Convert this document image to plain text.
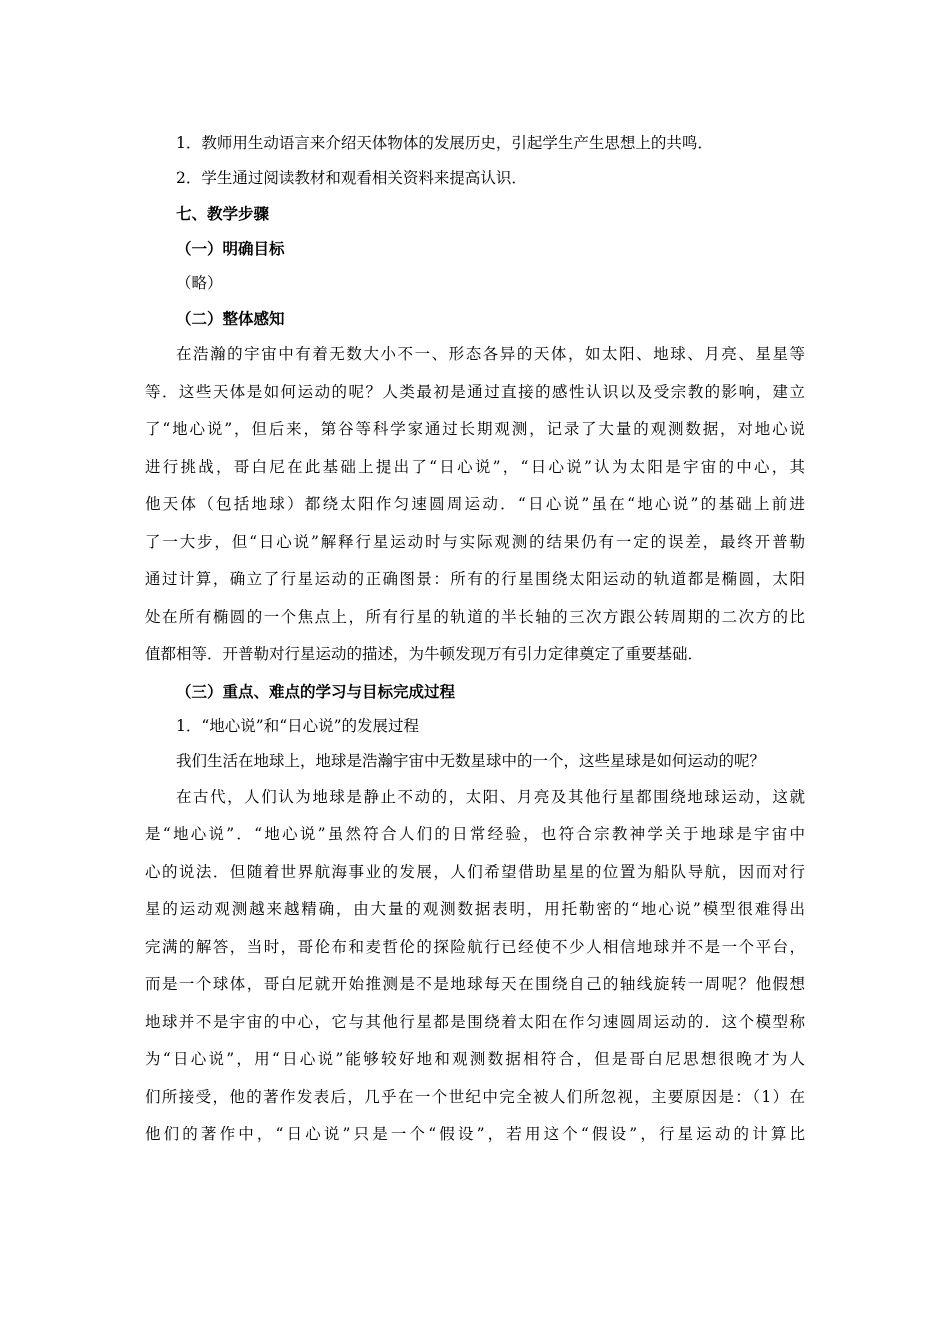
1．教师用生动语言来介绍天体物体的发展历史，引起学生产生思想上的共鸣．
2．学生通过阅读教材和观看相关资料来提高认识．
七、教学步骤
（一）明确目标
（略）
（二）整体感知
在浩瀚的宇宙中有着无数大小不一、形态各异的天体，如太阳、地球、月亮、星星等
等．这些天体是如何运动的呢？人类最初是通过直接的感性认识以及受宗教的影响，建立
了“地心说”，但后来，第谷等科学家通过长期观测，记录了大量的观测数据，对地心说
进行挑战，哥白尼在此基础上提出了“日心说”，“日心说”认为太阳是宇宙的中心，其
他天体（包括地球）都绕太阳作匀速圆周运动．“日心说”虽在“地心说”的基础上前进
了一大步，但“日心说”解释行星运动时与实际观测的结果仍有一定的误差，最终开普勒
通过计算，确立了行星运动的正确图景：所有的行星围绕太阳运动的轨道都是椭圆，太阳
处在所有椭圆的一个焦点上，所有行星的轨道的半长轴的三次方跟公转周期的二次方的比
值都相等．开普勒对行星运动的描述，为牛顿发现万有引力定律奠定了重要基础．
（三）重点、难点的学习与目标完成过程
1．“地心说”和“日心说”的发展过程
我们生活在地球上，地球是浩瀚宇宙中无数星球中的一个，这些星球是如何运动的呢？
在古代，人们认为地球是静止不动的，太阳、月亮及其他行星都围绕地球运动，这就
是“地心说”．“地心说”虽然符合人们的日常经验，也符合宗教神学关于地球是宇宙中
心的说法．但随着世界航海事业的发展，人们希望借助星星的位置为船队导航，因而对行
星的运动观测越来越精确，由大量的观测数据表明，用托勒密的“地心说”模型很难得出
完满的解答，当时，哥伦布和麦哲伦的探险航行已经使不少人相信地球并不是一个平台，
而是一个球体，哥白尼就开始推测是不是地球每天在围绕自己的轴线旋转一周呢？他假想
地球并不是宇宙的中心，它与其他行星都是围绕着太阳在作匀速圆周运动的．这个模型称
为“日心说”，用“日心说”能够较好地和观测数据相符合，但是哥白尼思想很晚才为人
们所接受，他的著作发表后，几乎在一个世纪中完全被人们所忽视，主要原因是：（1）在
他们的著作中，“日心说”只是一个“假设”，若用这个“假设”，行星运动的计算比
